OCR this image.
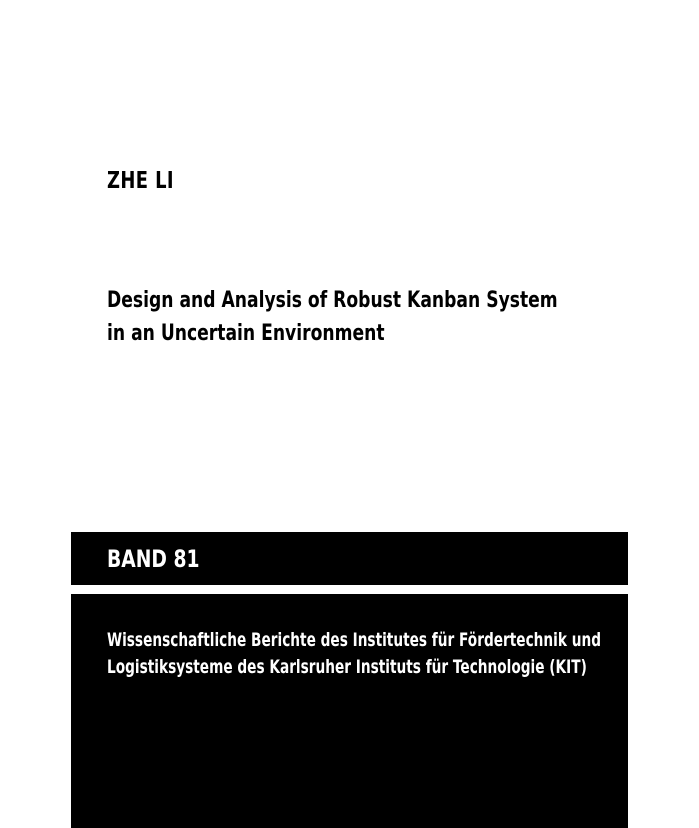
ZHE LI
Design and Analysis of Robust Kanban System
in an Uncertain Environment

BAND 81

Wissenschaftliche Berichte des Institutes für Fördertechnik und
Logistiksysteme des Karlsruher Instituts für Technologie (KIT)
